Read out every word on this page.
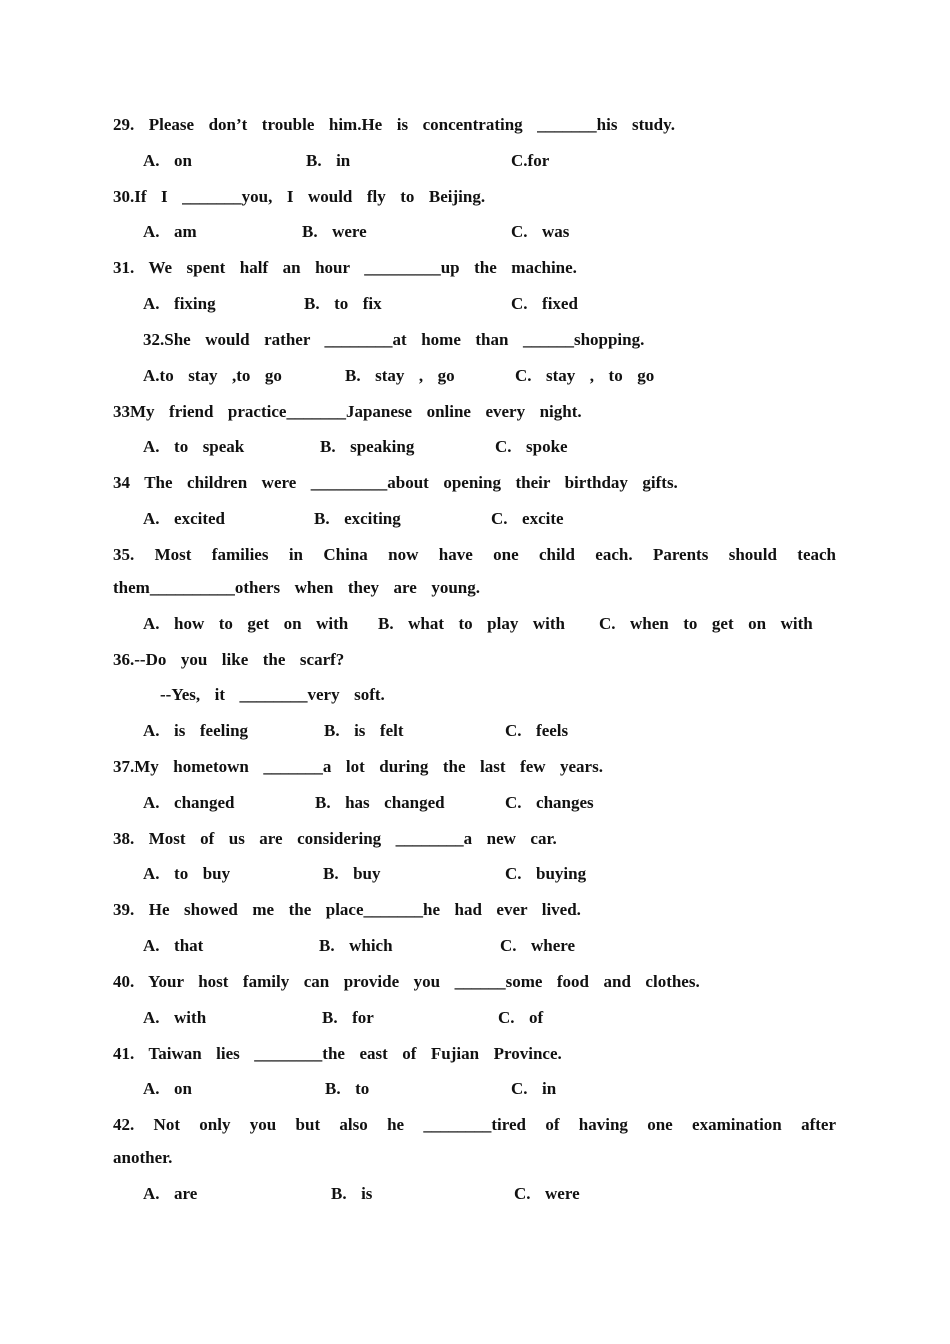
29.  Please  don’t  trouble  him.He  is  concentrating  _______his  study.
A.  on	B.  in	C.for
30.If  I  _______you,  I  would  fly  to  Beijing.
A.  am	B.  were	C.  was
31.  We  spent  half  an  hour  _________up  the  machine.
A.  fixing	B.  to  fix	C.  fixed
32.She  would  rather  ________at  home  than  ______shopping.
A.to  stay  ,to  go	B.  stay  ,  go	C.  stay  ,  to  go
33My  friend  practice_______Japanese  online  every  night.
A.  to  speak	B.  speaking	C.  spoke
34  The  children  were  _________about  opening  their  birthday  gifts.
A.  excited	B.  exciting	C.  excite
35. Most families in China now have one child each. Parents should teach
them__________others  when  they  are  young.
A.  how  to  get  on  with B.  what  to  play  with C.  when  to  get  on  with
36.--Do  you  like  the  scarf?
--Yes,  it  ________very  soft.
A.  is  feeling	B.  is  felt	C.  feels
37.My  hometown  _______a  lot  during  the  last  few  years.
A.  changed	B.  has  changed	C.  changes
38.  Most  of  us  are  considering  ________a  new  car.
A.  to  buy	B.  buy	C.  buying
39.  He  showed  me  the  place_______he  had  ever  lived.
A.  that	B.  which	C.  where
40.  Your  host  family  can  provide  you  ______some  food  and  clothes.
A.  with	B.  for	C.  of
41.  Taiwan  lies  ________the  east  of  Fujian  Province.
A.  on	B.  to	C.  in
42. Not only you but also he ________tired of having one examination after
another.
A.  are	B.  is	C.  were
